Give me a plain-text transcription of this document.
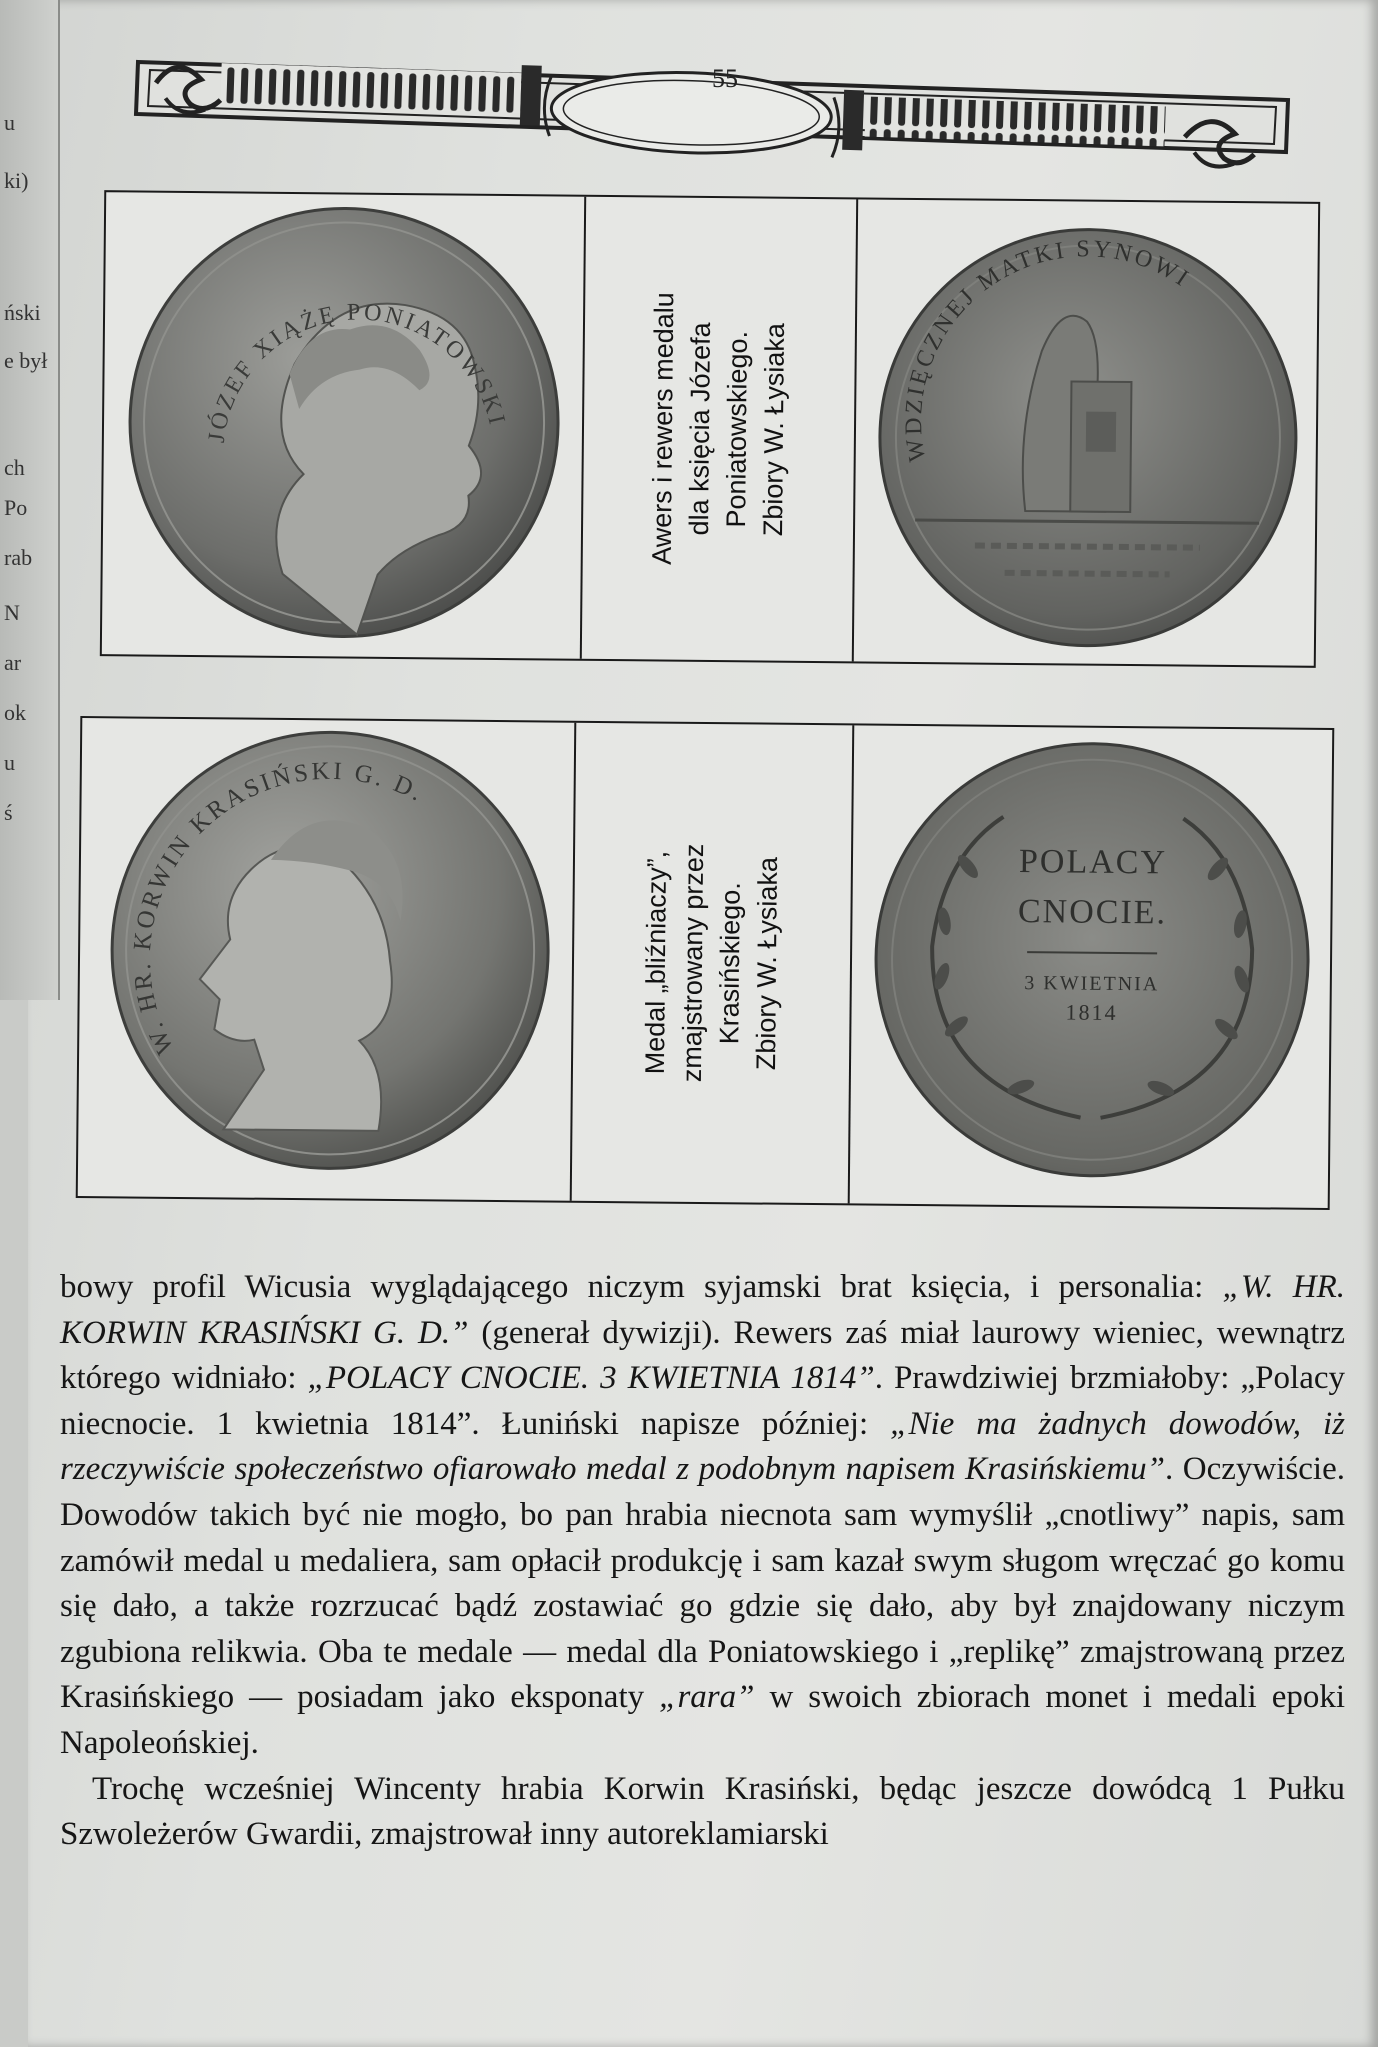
u
ki)
ński
e był
ch
Po
rab
N
ar
ok
u
ś
55
JÓZEF XIĄŻĘ PONIATOWSKI	Awers i rewers medalu dla księcia Józefa Poniatowskiego. Zbiory W. Łysiaka	WDZIĘCZNEJ MATKI SYNOWI
W. HR. KORWIN KRASIŃSKI G. D.
Medal „bliźniaczy”, zmajstrowany przez Krasińskiego. Zbiory W. Łysiaka	POLACY
CNOCIE.
3 KWIETNIA
1814

bowy profil Wicusia wyglądającego niczym syjamski brat księcia, i personalia: „W. HR. KORWIN KRASIŃSKI G. D.” (generał dywizji). Rewers zaś miał laurowy wieniec, wewnątrz którego widniało: „POLACY CNOCIE. 3 KWIETNIA 1814”. Prawdziwiej brzmiałoby: „Polacy niecnocie. 1 kwietnia 1814”. Łuniński napisze później: „Nie ma żadnych dowodów, iż rzeczywiście społeczeństwo ofiarowało medal z podobnym napisem Krasińskiemu”. Oczywiście. Dowodów takich być nie mogło, bo pan hrabia niecnota sam wymyślił „cnotliwy” napis, sam zamówił medal u medaliera, sam opłacił produkcję i sam kazał swym sługom wręczać go komu się dało, a także rozrzucać bądź zostawiać go gdzie się dało, aby był znajdowany niczym zgubiona relikwia. Oba te medale — medal dla Poniatowskiego i „replikę” zmajstrowaną przez Krasińskiego — posiadam jako eksponaty „rara” w swoich zbiorach monet i medali epoki Napoleońskiej.

Trochę wcześniej Wincenty hrabia Korwin Krasiński, będąc jeszcze dowódcą 1 Pułku Szwoleżerów Gwardii, zmajstrował inny autoreklamiarski
